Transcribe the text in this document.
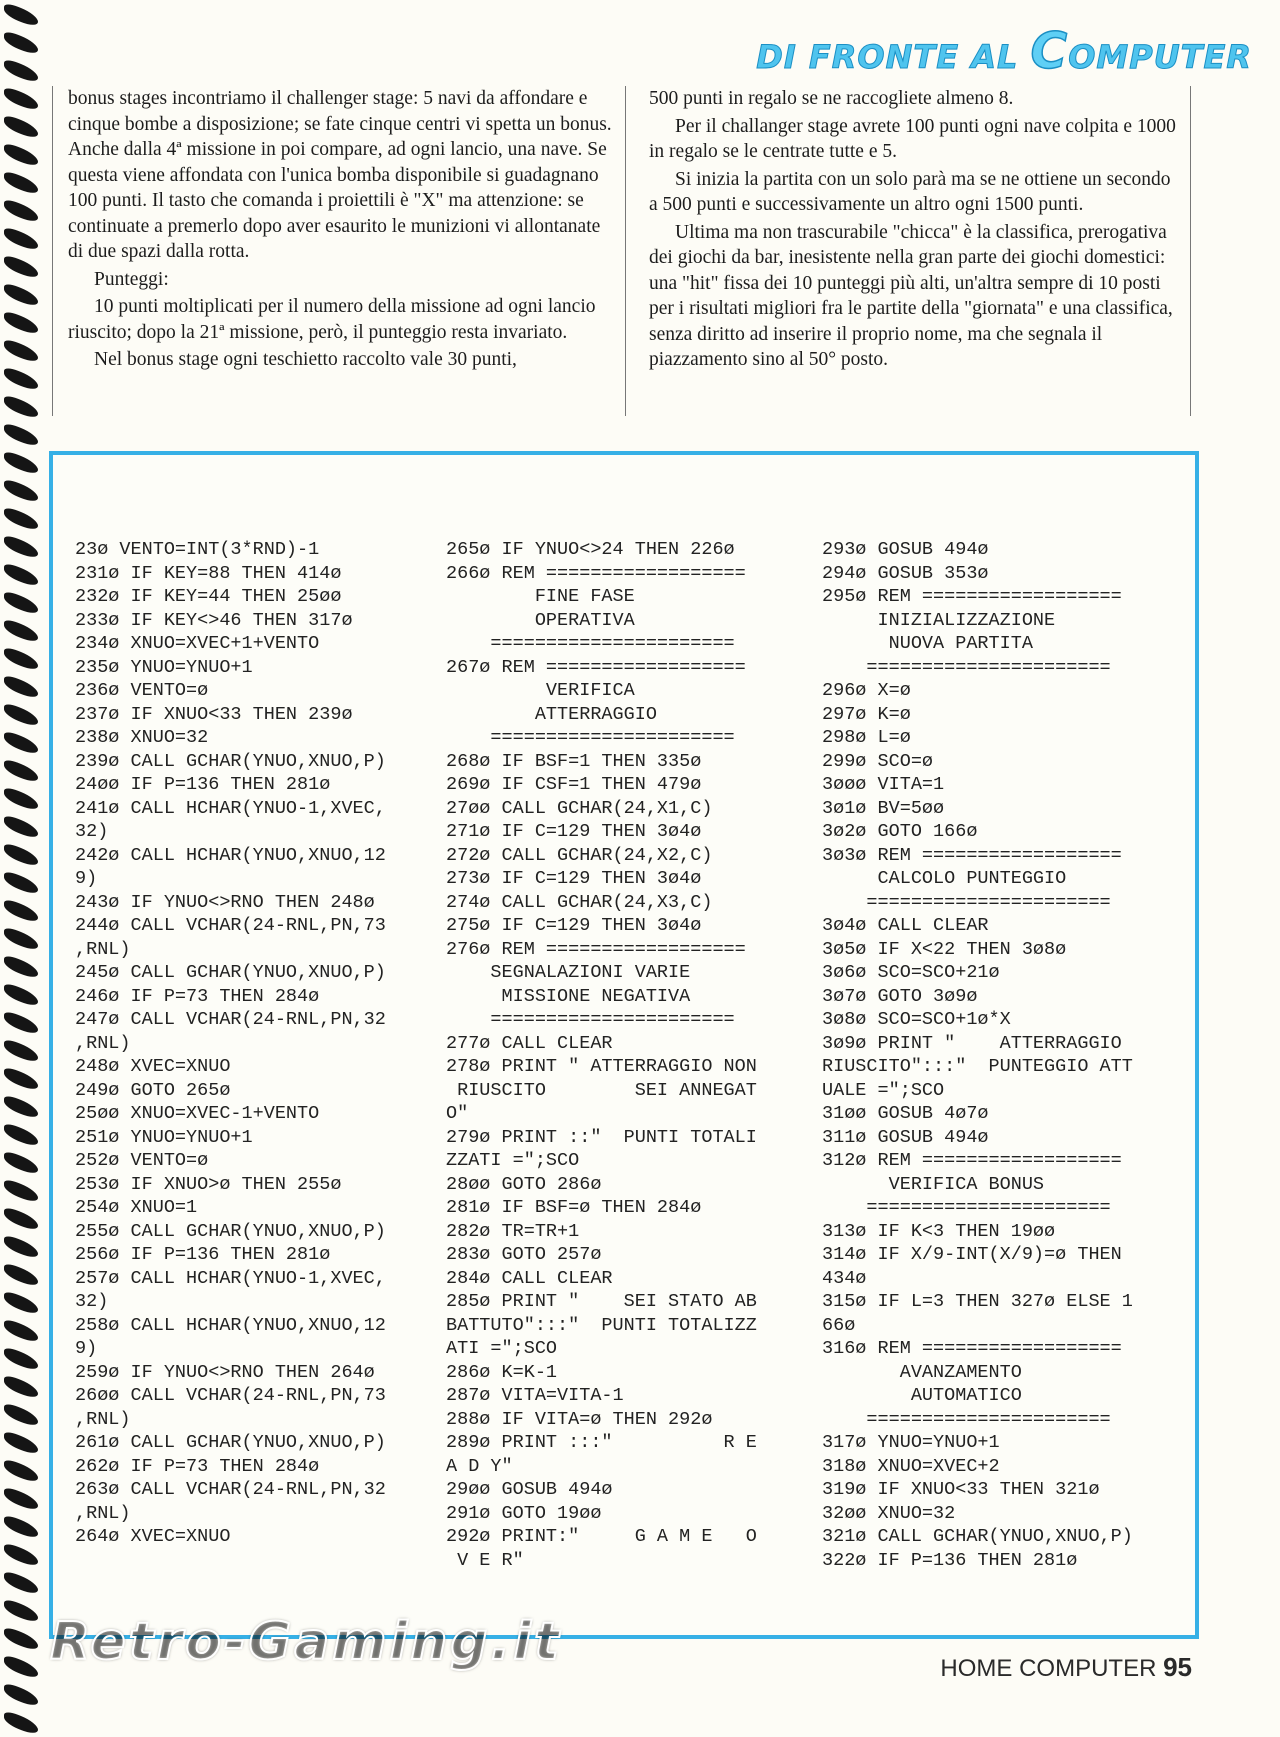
DI FRONTE AL COMPUTER

bonus stages incontriamo il challenger stage: 5 navi da affondare e cinque bombe a disposizione; se fate cinque centri vi spetta un bonus. Anche dalla 4ª missione in poi compare, ad ogni lancio, una nave. Se questa viene affondata con l'unica bomba disponibile si guadagnano 100 punti. Il tasto che comanda i proiettili è "X" ma attenzione: se continuate a premerlo dopo aver esaurito le munizioni vi allontanate di due spazi dalla rotta.

Punteggi:

10 punti moltiplicati per il numero della missione ad ogni lancio riuscito; dopo la 21ª missione, però, il punteggio resta invariato.

Nel bonus stage ogni teschietto raccolto vale 30 punti,

500 punti in regalo se ne raccogliete almeno 8.

Per il challanger stage avrete 100 punti ogni nave colpita e 1000 in regalo se le centrate tutte e 5.

Si inizia la partita con un solo parà ma se ne ottiene un secondo a 500 punti e successivamente un altro ogni 1500 punti.

Ultima ma non trascurabile "chicca" è la classifica, prerogativa dei giochi da bar, inesistente nella gran parte dei giochi domestici: una "hit" fissa dei 10 punteggi più alti, un'altra sempre di 10 posti per i risultati migliori fra le partite della "giornata" e una classifica, senza diritto ad inserire il proprio nome, ma che segnala il piazzamento sino al 50° posto.

23ø VENTO=INT(3*RND)-1
231ø IF KEY=88 THEN 414ø
232ø IF KEY=44 THEN 25øø
233ø IF KEY<>46 THEN 317ø
234ø XNUO=XVEC+1+VENTO
235ø YNUO=YNUO+1
236ø VENTO=ø
237ø IF XNUO<33 THEN 239ø
238ø XNUO=32
239ø CALL GCHAR(YNUO,XNUO,P)
24øø IF P=136 THEN 281ø
241ø CALL HCHAR(YNUO-1,XVEC,
32)
242ø CALL HCHAR(YNUO,XNUO,12
9)
243ø IF YNUO<>RNO THEN 248ø
244ø CALL VCHAR(24-RNL,PN,73
,RNL)
245ø CALL GCHAR(YNUO,XNUO,P)
246ø IF P=73 THEN 284ø
247ø CALL VCHAR(24-RNL,PN,32
,RNL)
248ø XVEC=XNUO
249ø GOTO 265ø
25øø XNUO=XVEC-1+VENTO
251ø YNUO=YNUO+1
252ø VENTO=ø
253ø IF XNUO>ø THEN 255ø
254ø XNUO=1
255ø CALL GCHAR(YNUO,XNUO,P)
256ø IF P=136 THEN 281ø
257ø CALL HCHAR(YNUO-1,XVEC,
32)
258ø CALL HCHAR(YNUO,XNUO,12
9)
259ø IF YNUO<>RNO THEN 264ø
26øø CALL VCHAR(24-RNL,PN,73
,RNL)
261ø CALL GCHAR(YNUO,XNUO,P)
262ø IF P=73 THEN 284ø
263ø CALL VCHAR(24-RNL,PN,32
,RNL)
264ø XVEC=XNUO
265ø IF YNUO<>24 THEN 226ø
266ø REM ==================
FINE FASE
OPERATIVA
======================
267ø REM ==================
VERIFICA
ATTERRAGGIO
======================
268ø IF BSF=1 THEN 335ø
269ø IF CSF=1 THEN 479ø
27øø CALL GCHAR(24,X1,C)
271ø IF C=129 THEN 3ø4ø
272ø CALL GCHAR(24,X2,C)
273ø IF C=129 THEN 3ø4ø
274ø CALL GCHAR(24,X3,C)
275ø IF C=129 THEN 3ø4ø
276ø REM ==================
SEGNALAZIONI VARIE
MISSIONE NEGATIVA
======================
277ø CALL CLEAR
278ø PRINT " ATTERRAGGIO NON
RIUSCITO        SEI ANNEGAT
O"
279ø PRINT ::"  PUNTI TOTALI
ZZATI =";SCO
28øø GOTO 286ø
281ø IF BSF=ø THEN 284ø
282ø TR=TR+1
283ø GOTO 257ø
284ø CALL CLEAR
285ø PRINT "    SEI STATO AB
BATTUTO":::"  PUNTI TOTALIZZ
ATI =";SCO
286ø K=K-1
287ø VITA=VITA-1
288ø IF VITA=ø THEN 292ø
289ø PRINT :::"          R E
A D Y"
29øø GOSUB 494ø
291ø GOTO 19øø
292ø PRINT:"     G A M E   O
V E R"
293ø GOSUB 494ø
294ø GOSUB 353ø
295ø REM ==================
INIZIALIZZAZIONE
NUOVA PARTITA
======================
296ø X=ø
297ø K=ø
298ø L=ø
299ø SCO=ø
3øøø VITA=1
3ø1ø BV=5øø
3ø2ø GOTO 166ø
3ø3ø REM ==================
CALCOLO PUNTEGGIO
======================
3ø4ø CALL CLEAR
3ø5ø IF X<22 THEN 3ø8ø
3ø6ø SCO=SCO+21ø
3ø7ø GOTO 3ø9ø
3ø8ø SCO=SCO+1ø*X
3ø9ø PRINT "    ATTERRAGGIO
RIUSCITO":::"  PUNTEGGIO ATT
UALE =";SCO
31øø GOSUB 4ø7ø
311ø GOSUB 494ø
312ø REM ==================
VERIFICA BONUS
======================
313ø IF K<3 THEN 19øø
314ø IF X/9-INT(X/9)=ø THEN
434ø
315ø IF L=3 THEN 327ø ELSE 1
66ø
316ø REM ==================
AVANZAMENTO
AUTOMATICO
======================
317ø YNUO=YNUO+1
318ø XNUO=XVEC+2
319ø IF XNUO<33 THEN 321ø
32øø XNUO=32
321ø CALL GCHAR(YNUO,XNUO,P)
322ø IF P=136 THEN 281ø
Retro-Gaming.it	HOME COMPUTER 95
